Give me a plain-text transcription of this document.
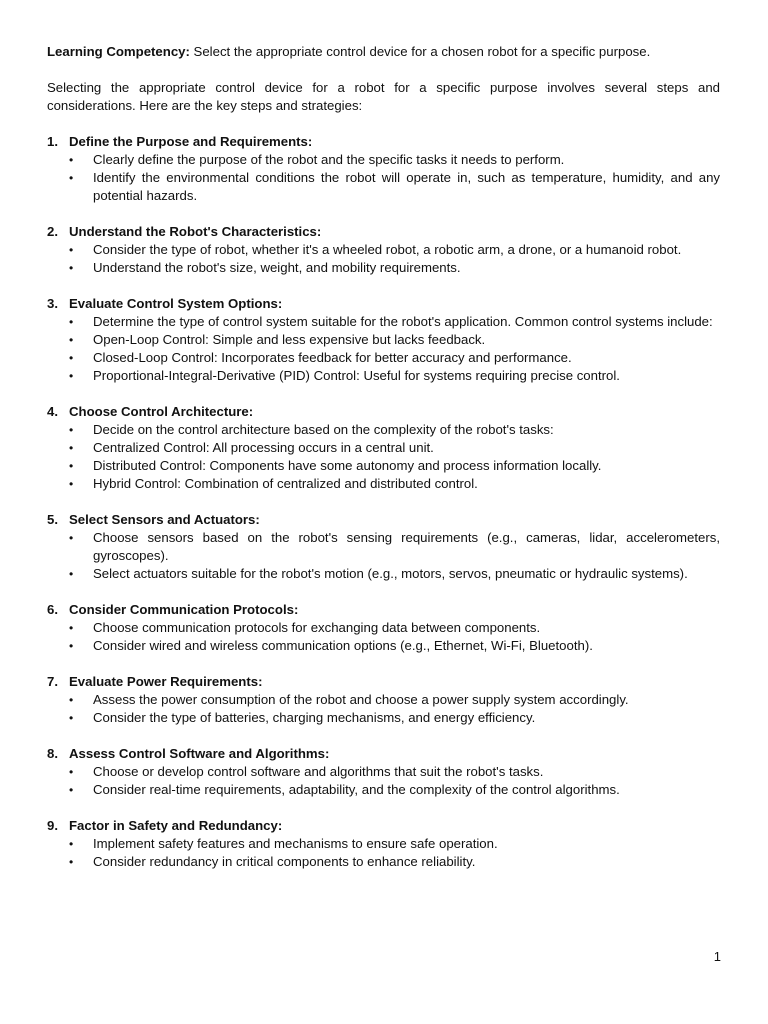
Learning Competency: Select the appropriate control device for a chosen robot for a specific purpose.

Selecting the appropriate control device for a robot for a specific purpose involves several steps and considerations. Here are the key steps and strategies:

1. Define the Purpose and Requirements:
• Clearly define the purpose of the robot and the specific tasks it needs to perform.
• Identify the environmental conditions the robot will operate in, such as temperature, humidity, and any potential hazards.
2. Understand the Robot's Characteristics:
• Consider the type of robot, whether it's a wheeled robot, a robotic arm, a drone, or a humanoid robot.
• Understand the robot's size, weight, and mobility requirements.
3. Evaluate Control System Options:
• Determine the type of control system suitable for the robot's application. Common control systems include:
• Open-Loop Control: Simple and less expensive but lacks feedback.
• Closed-Loop Control: Incorporates feedback for better accuracy and performance.
• Proportional-Integral-Derivative (PID) Control: Useful for systems requiring precise control.
4. Choose Control Architecture:
• Decide on the control architecture based on the complexity of the robot's tasks:
• Centralized Control: All processing occurs in a central unit.
• Distributed Control: Components have some autonomy and process information locally.
• Hybrid Control: Combination of centralized and distributed control.
5. Select Sensors and Actuators:
• Choose sensors based on the robot's sensing requirements (e.g., cameras, lidar, accelerometers, gyroscopes).
• Select actuators suitable for the robot's motion (e.g., motors, servos, pneumatic or hydraulic systems).
6. Consider Communication Protocols:
• Choose communication protocols for exchanging data between components.
• Consider wired and wireless communication options (e.g., Ethernet, Wi-Fi, Bluetooth).
7. Evaluate Power Requirements:
• Assess the power consumption of the robot and choose a power supply system accordingly.
• Consider the type of batteries, charging mechanisms, and energy efficiency.
8. Assess Control Software and Algorithms:
• Choose or develop control software and algorithms that suit the robot's tasks.
• Consider real-time requirements, adaptability, and the complexity of the control algorithms.
9. Factor in Safety and Redundancy:
• Implement safety features and mechanisms to ensure safe operation.
• Consider redundancy in critical components to enhance reliability.
1
